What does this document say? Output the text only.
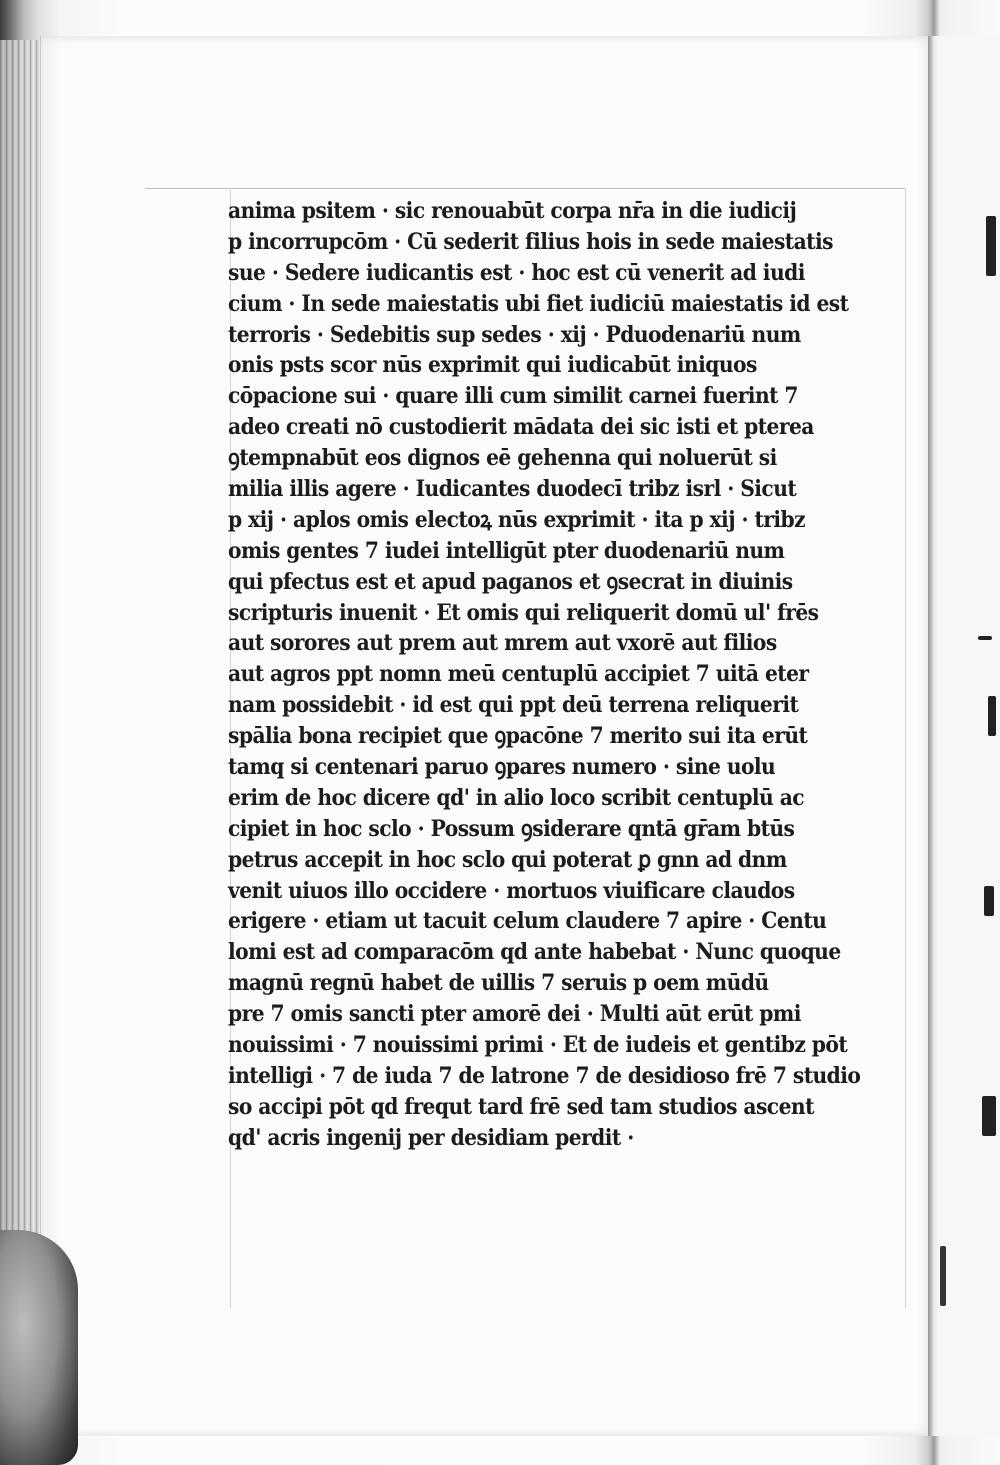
anima psitem · sic renouabūt corpa nr̄a in die iudicij
p incorrupcōm · Cū sederit filius hois in sede maiestatis
sue · Sedere iudicantis est · hoc est cū venerit ad iudi
cium · In sede maiestatis ubi fiet iudiciū maiestatis id est
terroris · Sedebitis sup sedes · xij · Pduodenariū num
onis psts scor nūs exprimit qui iudicabūt iniquos
cōpacione sui · quare illi cum similit carnei fuerint 7
adeo creati nō custodierit mādata dei sic isti et pterea
ꝯtempnabūt eos dignos eē gehenna qui noluerūt si
milia illis agere · Iudicantes duodecī tribz isrl · Sicut
p xij · aplos omis electoꝝ nūs exprimit · ita p xij · tribz
omis gentes 7 iudei intelligūt pter duodenariū num
qui pfectus est et apud paganos et ꝯsecrat in diuinis
scripturis inuenit · Et omis qui reliquerit domū ul' frēs
aut sorores aut prem aut mrem aut vxorē aut filios
aut agros ppt nomn meū centuplū accipiet 7 uitā eter
nam possidebit · id est qui ppt deū terrena reliquerit
spālia bona recipiet que ꝯpacōne 7 merito sui ita erūt
tamq si centenari paruo ꝯpares numero · sine uolu
erim de hoc dicere qd' in alio loco scribit centuplū ac
cipiet in hoc sclo · Possum ꝯsiderare qntā gr̄am btūs
petrus accepit in hoc sclo qui poterat ꝑ gnn ad dnm
venit uiuos illo occidere · mortuos viuificare claudos
erigere · etiam ut tacuit celum claudere 7 apire · Centu
lomi est ad comparacōm qd ante habebat · Nunc quoque
magnū regnū habet de uillis 7 seruis p oem mūdū
pre 7 omis sancti pter amorē dei · Multi aūt erūt pmi
nouissimi · 7 nouissimi primi · Et de iudeis et gentibz pōt
intelligi · 7 de iuda 7 de latrone 7 de desidioso frē 7 studio
so accipi pōt qd frequt tard frē sed tam studios ascent
qd' acris ingenij per desidiam perdit ·
